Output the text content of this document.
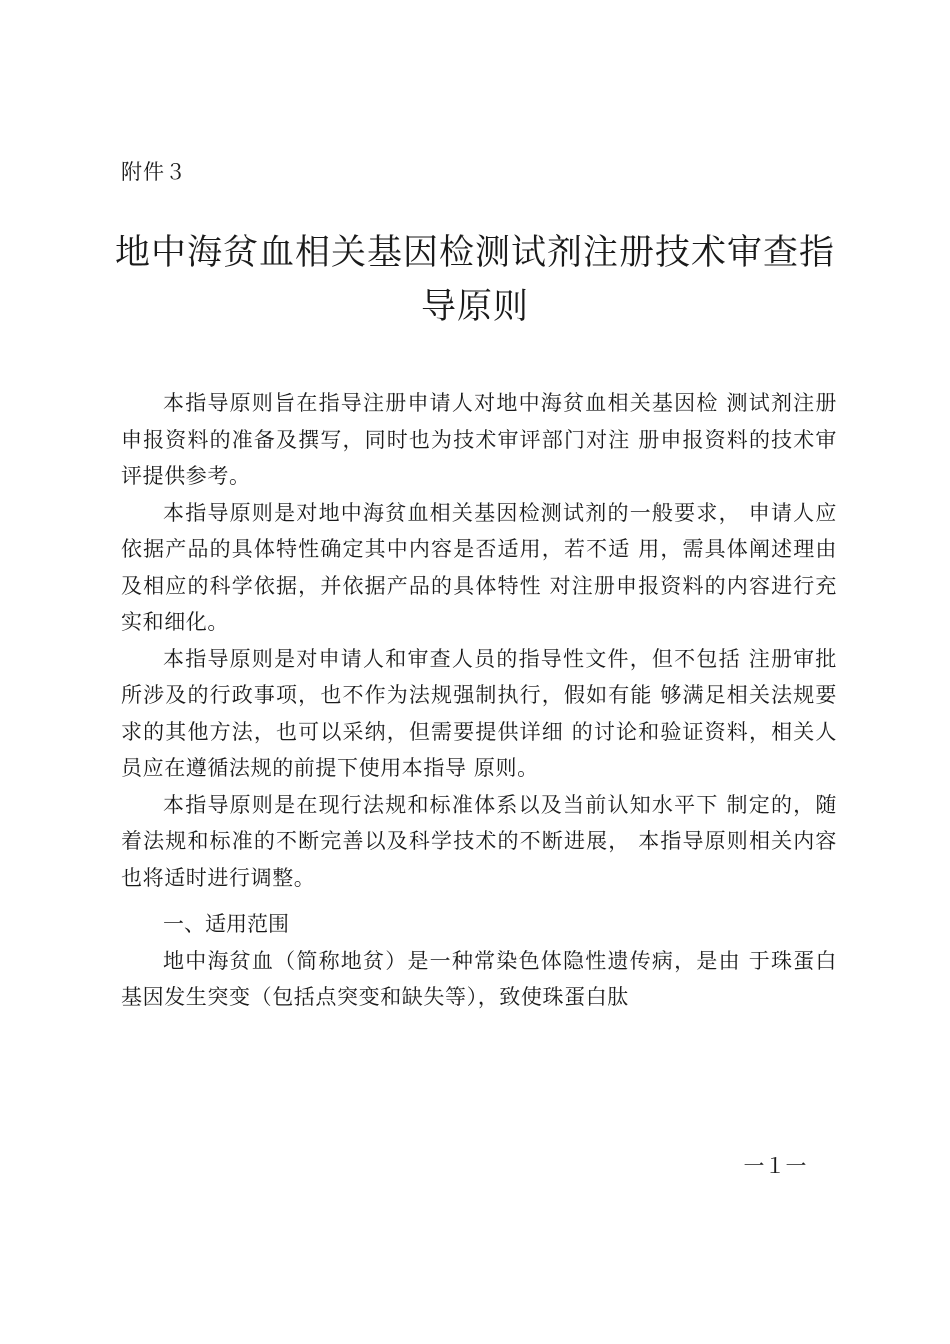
附件３
地中海贫血相关基因检测试剂注册技术审查指导原则

本指导原则旨在指导注册申请人对地中海贫血相关基因检 测试剂注册申报资料的准备及撰写，同时也为技术审评部门对注 册申报资料的技术审评提供参考。

本指导原则是对地中海贫血相关基因检测试剂的一般要求， 申请人应依据产品的具体特性确定其中内容是否适用，若不适 用，需具体阐述理由及相应的科学依据，并依据产品的具体特性 对注册申报资料的内容进行充实和细化。

本指导原则是对申请人和审查人员的指导性文件，但不包括 注册审批所涉及的行政事项，也不作为法规强制执行，假如有能 够满足相关法规要求的其他方法，也可以采纳，但需要提供详细 的讨论和验证资料，相关人员应在遵循法规的前提下使用本指导 原则。

本指导原则是在现行法规和标准体系以及当前认知水平下 制定的，随着法规和标准的不断完善以及科学技术的不断进展， 本指导原则相关内容也将适时进行调整。

一、适用范围

地中海贫血（简称地贫）是一种常染色体隐性遗传病，是由 于珠蛋白基因发生突变（包括点突变和缺失等），致使珠蛋白肽

一１一
